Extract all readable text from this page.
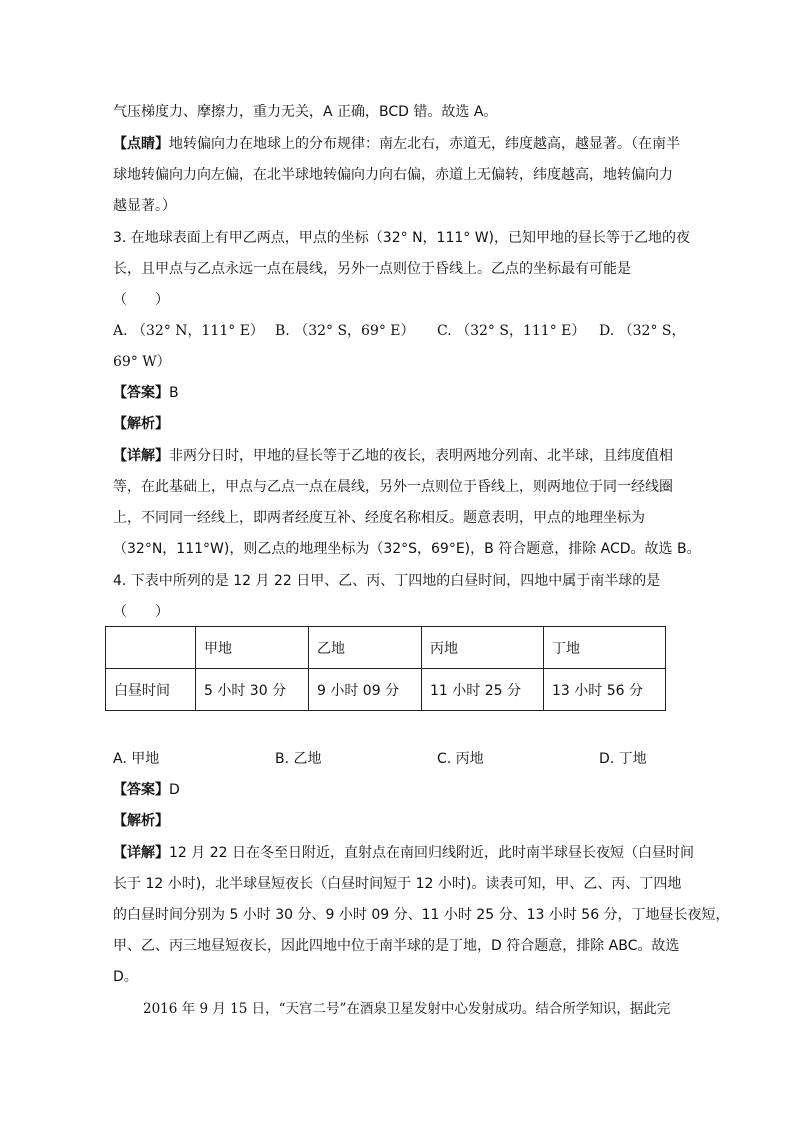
气压梯度力、摩擦力，重力无关，A 正确，BCD 错。故选 A。
【点睛】地转偏向力在地球上的分布规律：南左北右，赤道无，纬度越高，越显著。（在南半
球地转偏向力向左偏，在北半球地转偏向力向右偏，赤道上无偏转，纬度越高，地转偏向力
越显著。）
3. 在地球表面上有甲乙两点，甲点的坐标（32° N，111° W)，已知甲地的昼长等于乙地的夜
长，且甲点与乙点永远一点在晨线，另外一点则位于昏线上。乙点的坐标最有可能是
（　　）
A. （32° N，111° E） B. （32° S，69° E） C. （32° S，111° E） D. （32° S，
69° W）
【答案】B
【解析】
【详解】非两分日时，甲地的昼长等于乙地的夜长，表明两地分列南、北半球，且纬度值相
等，在此基础上，甲点与乙点一点在晨线，另外一点则位于昏线上，则两地位于同一经线圈
上，不同同一经线上，即两者经度互补、经度名称相反。题意表明，甲点的地理坐标为
（32°N，111°W)，则乙点的地理坐标为（32°S，69°E)，B 符合题意，排除 ACD。故选 B。
4. 下表中所列的是 12 月 22 日甲、乙、丙、丁四地的白昼时间，四地中属于南半球的是
（　　）
	甲地	乙地	丙地	丁地
白昼时间	5 小时 30 分	9 小时 09 分	11 小时 25 分	13 小时 56 分
A. 甲地	B. 乙地	C. 丙地	D. 丁地
【答案】D
【解析】
【详解】12 月 22 日在冬至日附近，直射点在南回归线附近，此时南半球昼长夜短（白昼时间
长于 12 小时)，北半球昼短夜长（白昼时间短于 12 小时)。读表可知，甲、乙、丙、丁四地
的白昼时间分别为 5 小时 30 分、9 小时 09 分、11 小时 25 分、13 小时 56 分，丁地昼长夜短，
甲、乙、丙三地昼短夜长，因此四地中位于南半球的是丁地，D 符合题意，排除 ABC。故选
D。
2016 年 9 月 15 日，“天宫二号”在酒泉卫星发射中心发射成功。结合所学知识，据此完
